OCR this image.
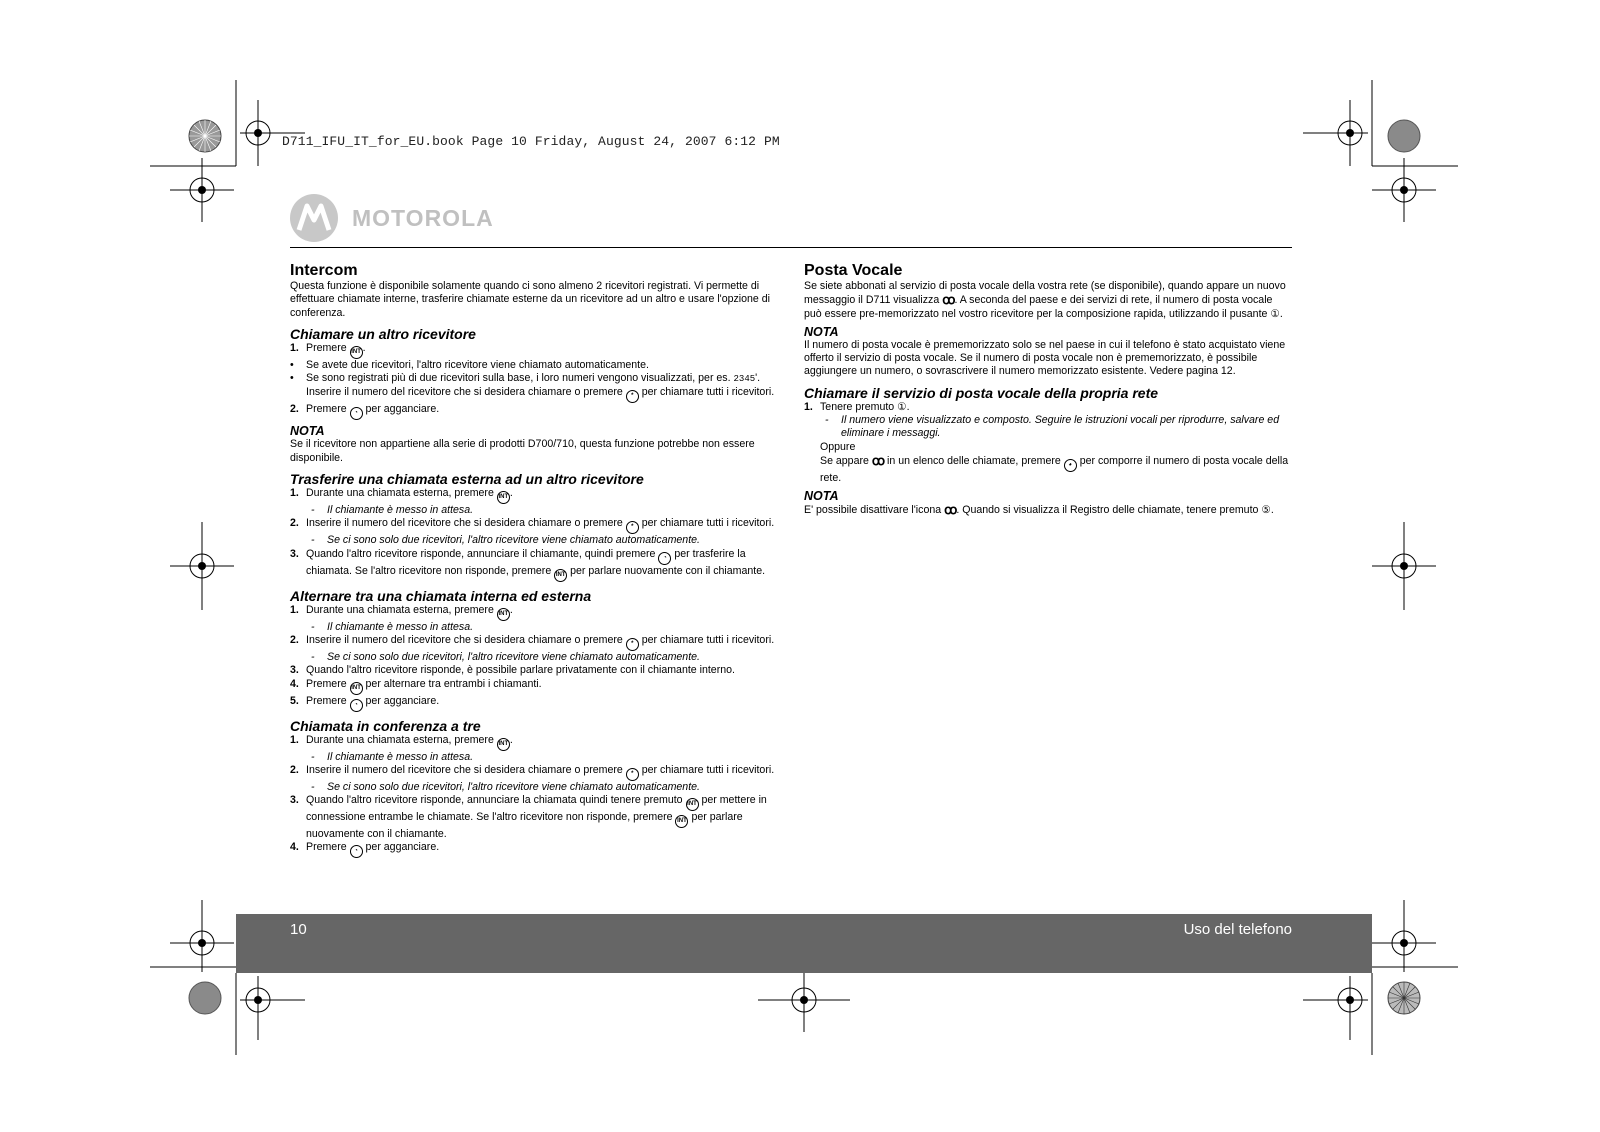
D711_IFU_IT_for_EU.book Page 10 Friday, August 24, 2007 6:12 PM
MOTOROLA
Intercom

Questa funzione è disponibile solamente quando ci sono almeno 2 ricevitori registrati. Vi permette di effettuare chiamate interne, trasferire chiamate esterne da un ricevitore ad un altro e usare l'opzione di conferenza.

Chiamare un altro ricevitore
1. Premere INT .
•	Se avete due ricevitori, l'altro ricevitore viene chiamato automaticamente.
•	Se sono registrati più di due ricevitori sulla base, i loro numeri vengono visualizzati, per es. 2345'. Inserire il numero del ricevitore che si desidera chiamare o premere * per chiamare tutti i ricevitori.
2. Premere ◔ per agganciare.
NOTA

Se il ricevitore non appartiene alla serie di prodotti D700/710, questa funzione potrebbe non essere disponibile.

Trasferire una chiamata esterna ad un altro ricevitore
1. Durante una chiamata esterna, premere INT .
-	Il chiamante è messo in attesa.
2. Inserire il numero del ricevitore che si desidera chiamare o premere * per chiamare tutti i ricevitori.
-	Se ci sono solo due ricevitori, l'altro ricevitore viene chiamato automaticamente.
3. Quando l'altro ricevitore risponde, annunciare il chiamante, quindi premere ◔ per trasferire la chiamata. Se l'altro ricevitore non risponde, premere INT per parlare nuovamente con il chiamante.
Alternare tra una chiamata interna ed esterna
1. Durante una chiamata esterna, premere INT .
-	Il chiamante è messo in attesa.
2. Inserire il numero del ricevitore che si desidera chiamare o premere * per chiamare tutti i ricevitori.
-	Se ci sono solo due ricevitori, l'altro ricevitore viene chiamato automaticamente.
3. Quando l'altro ricevitore risponde, è possibile parlare privatamente con il chiamante interno.
4. Premere INT per alternare tra entrambi i chiamanti.
5. Premere ◔ per agganciare.
Chiamata in conferenza a tre
1. Durante una chiamata esterna, premere INT .
-	Il chiamante è messo in attesa.
2. Inserire il numero del ricevitore che si desidera chiamare o premere * per chiamare tutti i ricevitori.
-	Se ci sono solo due ricevitori, l'altro ricevitore viene chiamato automaticamente.
3. Quando l'altro ricevitore risponde, annunciare la chiamata quindi tenere premuto INT per mettere in connessione entrambe le chiamate. Se l'altro ricevitore non risponde, premere INT per parlare nuovamente con il chiamante.
4. Premere ◔ per agganciare.
Posta Vocale

Se siete abbonati al servizio di posta vocale della vostra rete (se disponibile), quando appare un nuovo messaggio il D711 visualizza ꝏ. A seconda del paese e dei servizi di rete, il numero di posta vocale può essere pre-memorizzato nel vostro ricevitore per la composizione rapida, utilizzando il pusante ①.

NOTA

Il numero di posta vocale è prememorizzato solo se nel paese in cui il telefono è stato acquistato viene offerto il servizio di posta vocale. Se il numero di posta vocale non è prememorizzato, è possibile aggiungere un numero, o sovrascrivere il numero memorizzato esistente. Vedere pagina 12.

Chiamare il servizio di posta vocale della propria rete
1. Tenere premuto ①.
-	Il numero viene visualizzato e composto. Seguire le istruzioni vocali per riprodurre, salvare ed eliminare i messaggi.
Oppure
Se appare ꝏ in un elenco delle chiamate, premere ◕ per comporre il numero di posta vocale della rete.
NOTA

E' possibile disattivare l'icona ꝏ. Quando si visualizza il Registro delle chiamate, tenere premuto ⑤.

10	Uso del telefono
